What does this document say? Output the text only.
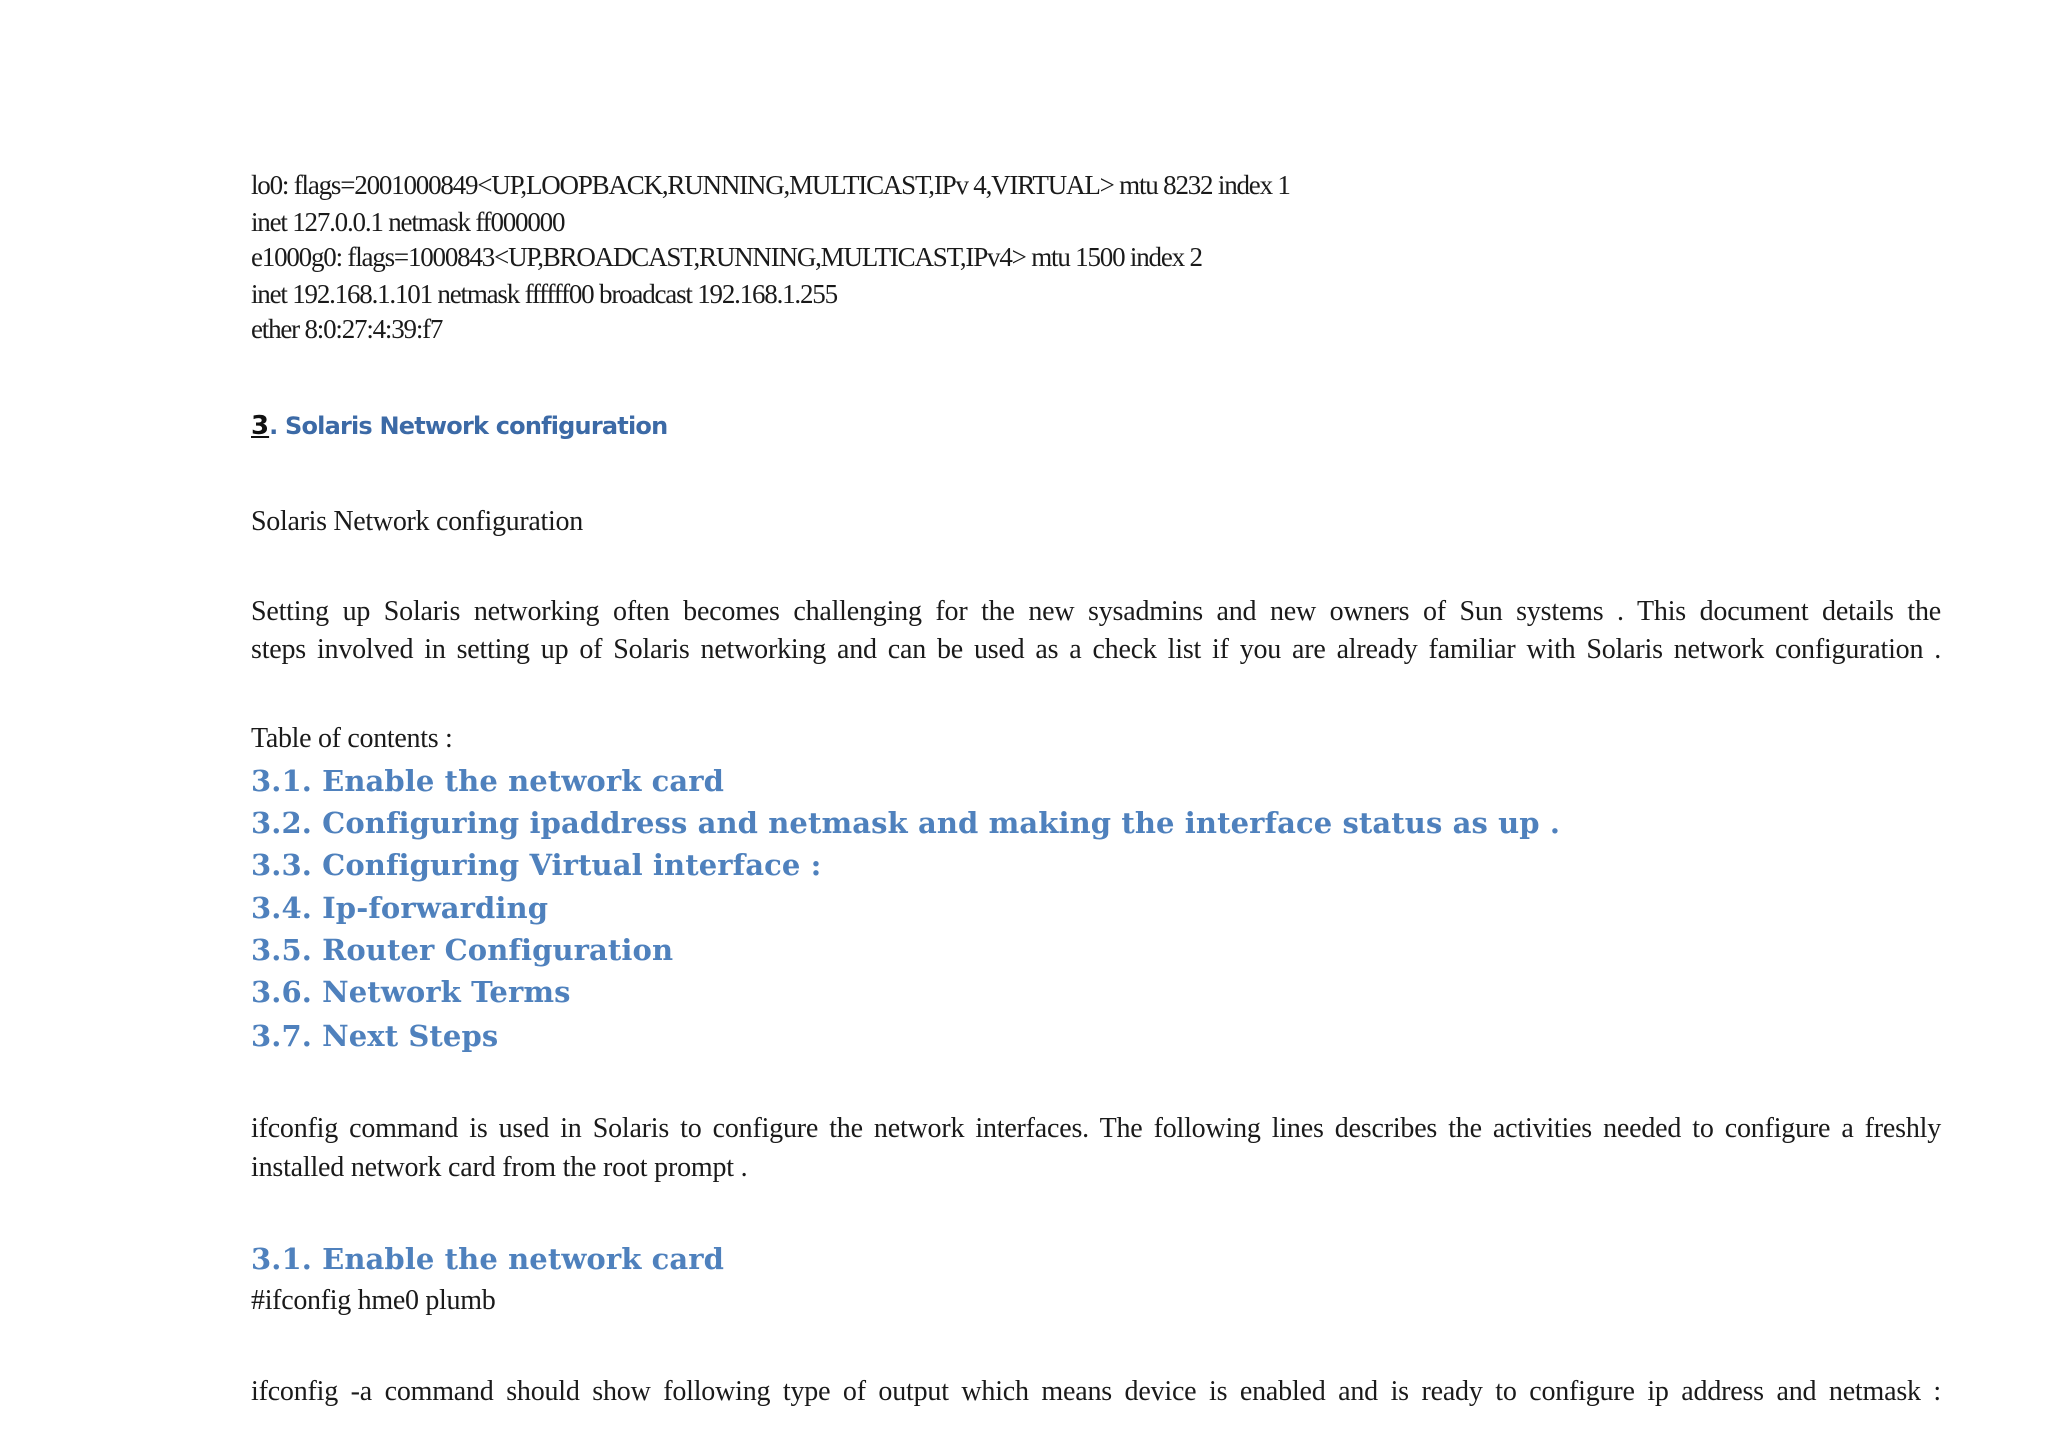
lo0: flags=2001000849<UP,LOOPBACK,RUNNING,MULTICAST,IPv 4,VIRTUAL> mtu 8232 index 1
inet 127.0.0.1 netmask ff000000
e1000g0: flags=1000843<UP,BROADCAST,RUNNING,MULTICAST,IPv4> mtu 1500 index 2
inet 192.168.1.101 netmask ffffff00 broadcast 192.168.1.255
ether 8:0:27:4:39:f7
3. Solaris Network configuration
Solaris Network configuration
Setting up Solaris networking often becomes challenging for the new sysadmins and new owners of Sun systems . This document details the
steps involved in setting up of Solaris networking and can be used as a check list if you are already familiar with Solaris network configuration .
Table of contents :
3.1. Enable the network card
3.2. Configuring ipaddress and netmask and making the interface status as up .
3.3. Configuring Virtual interface :
3.4. Ip-forwarding
3.5. Router Configuration
3.6. Network Terms
3.7. Next Steps
ifconfig command is used in Solaris to configure the network interfaces. The following lines describes the activities needed to configure a freshly
installed network card from the root prompt .
3.1. Enable the network card
#ifconfig hme0 plumb
ifconfig -a command should show following type of output which means device is enabled and is ready to configure ip address and netmask :
